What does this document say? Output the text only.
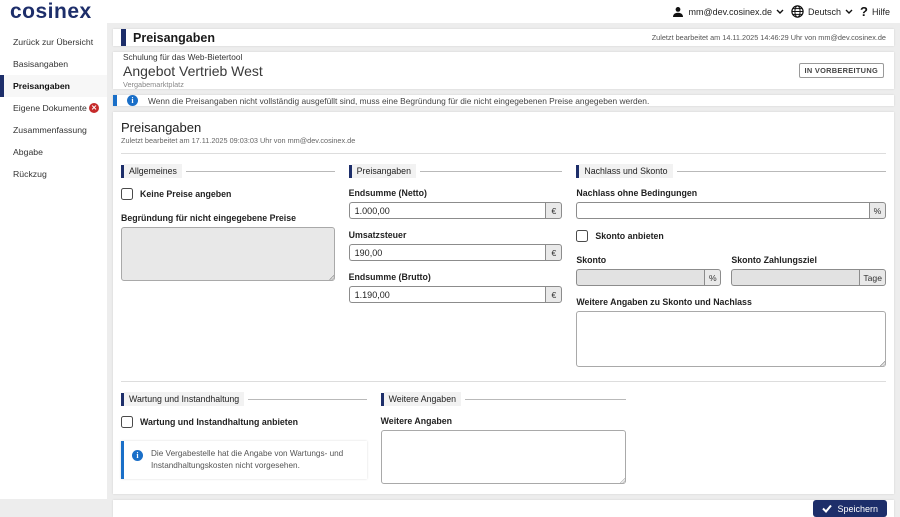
cosinex	mm@dev.cosinex.de	Deutsch ? Hilfe
Zurück zur Übersicht
Basisangaben
Preisangaben
Eigene Dokumente ✕
Zusammenfassung
Abgabe
Rückzug
Preisangaben	Zuletzt bearbeitet am 14.11.2025 14:46:29 Uhr von mm@dev.cosinex.de
Schulung für das Web-Bietertool
Angebot Vertrieb West
Vergabemarktplatz
IN VORBEREITUNG
i	Wenn die Preisangaben nicht vollständig ausgefüllt sind, muss eine Begründung für die nicht eingegebenen Preise angegeben werden.
Preisangaben
Zuletzt bearbeitet am 17.11.2025 09:03:03 Uhr von mm@dev.cosinex.de
Allgemeines
Keine Preise angeben
Begründung für nicht eingegebene Preise
Preisangaben
Endsumme (Netto)
1.000,00
€
Umsatzsteuer
190,00
€
Endsumme (Brutto)
1.190,00
€
Nachlass und Skonto
Nachlass ohne Bedingungen
%
Skonto anbieten
Skonto
%
Skonto Zahlungsziel
Tage
Weitere Angaben zu Skonto und Nachlass
Wartung und Instandhaltung
Wartung und Instandhaltung anbieten
i	Die Vergabestelle hat die Angabe von Wartungs- und Instandhaltungskosten nicht vorgesehen.
Weitere Angaben
Weitere Angaben
Speichern
